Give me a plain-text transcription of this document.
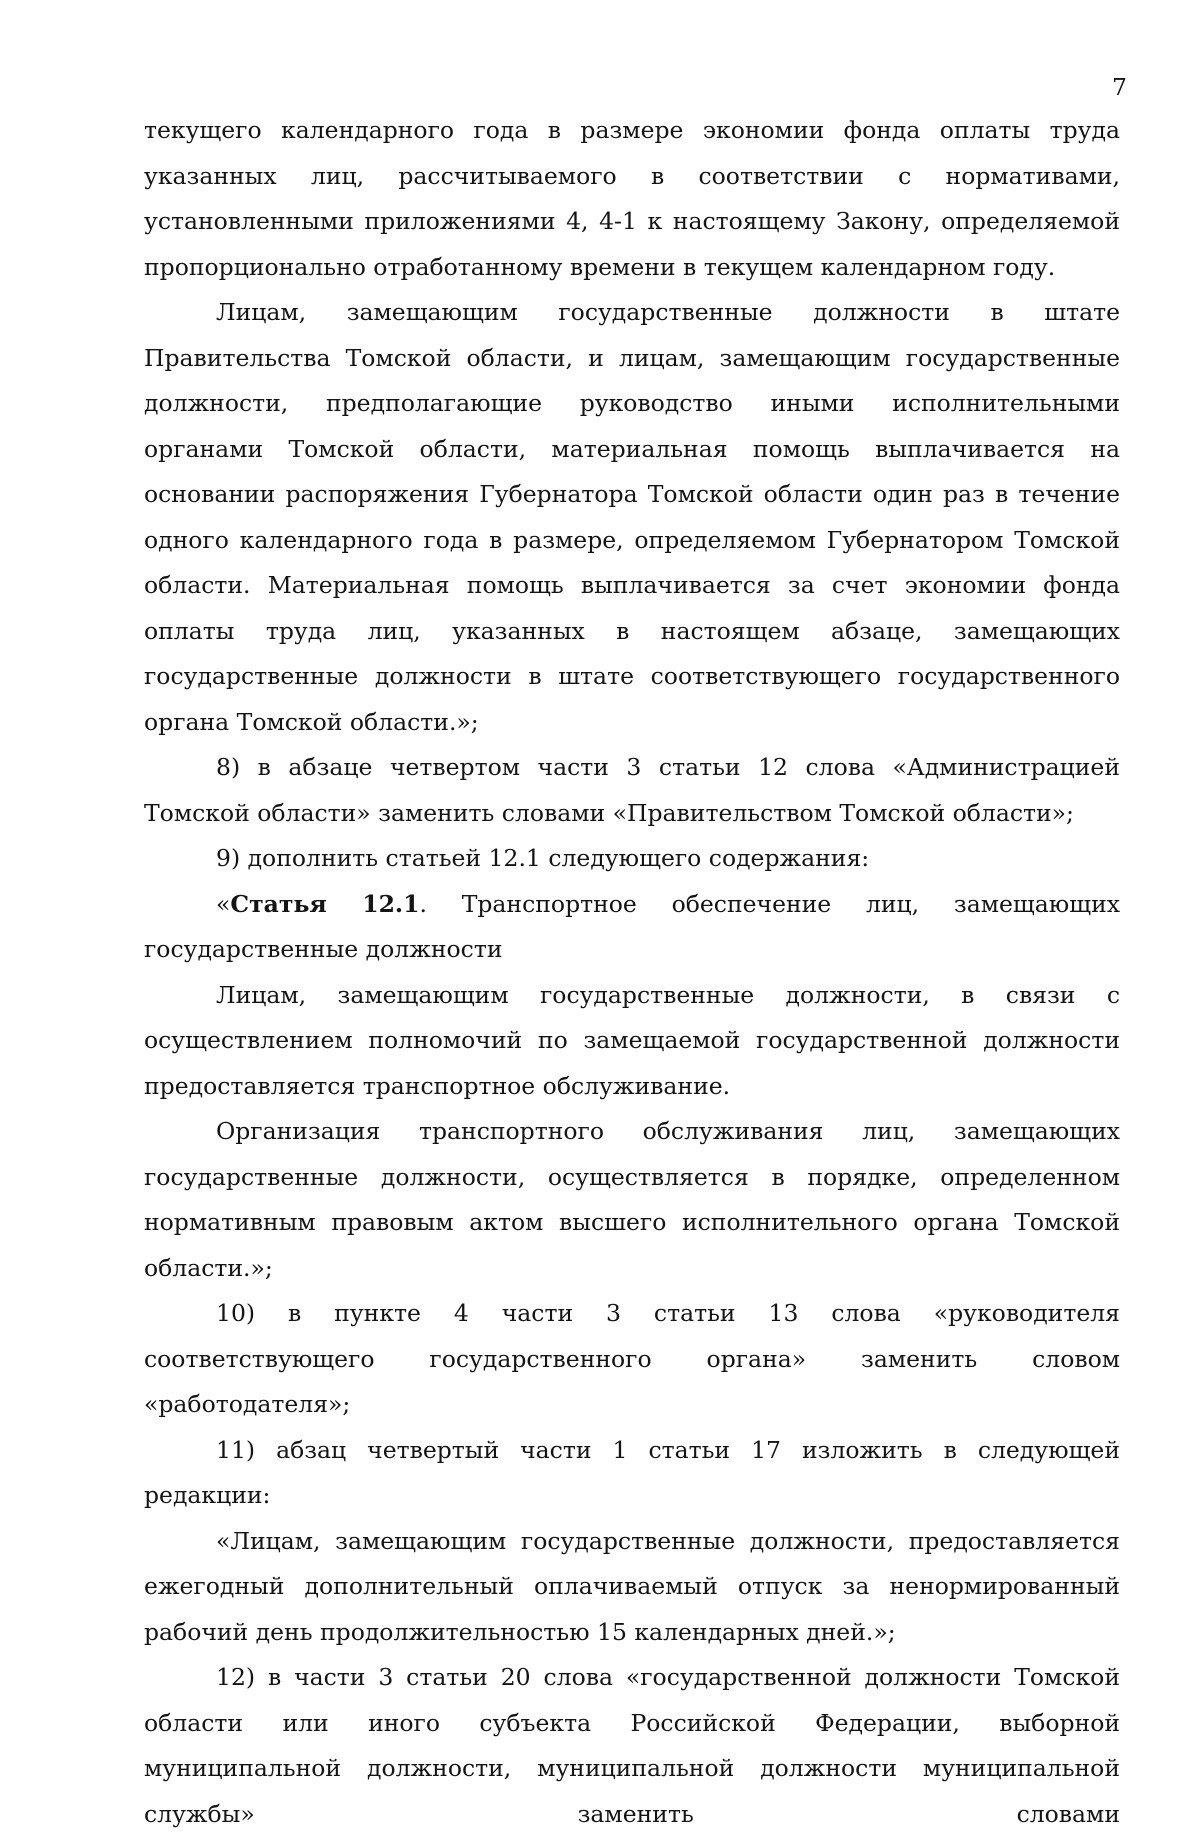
7

текущего календарного года в размере экономии фонда оплаты труда указанных лиц, рассчитываемого в соответствии с нормативами, установленными приложениями 4, 4-1 к настоящему Закону, определяемой пропорционально отработанному времени в текущем календарном году.

Лицам, замещающим государственные должности в штате Правительства Томской области, и лицам, замещающим государственные должности, предполагающие руководство иными исполнительными органами Томской области, материальная помощь выплачивается на основании распоряжения Губернатора Томской области один раз в течение одного календарного года в размере, определяемом Губернатором Томской области. Материальная помощь выплачивается за счет экономии фонда оплаты труда лиц, указанных в настоящем абзаце, замещающих государственные должности в штате соответствующего государственного органа Томской области.»;

8) в абзаце четвертом части 3 статьи 12 слова «Администрацией Томской области» заменить словами «Правительством Томской области»;

9) дополнить статьей 12.1 следующего содержания:

«Статья 12.1. Транспортное обеспечение лиц, замещающих государственные должности

Лицам, замещающим государственные должности, в связи с осуществлением полномочий по замещаемой государственной должности предоставляется транспортное обслуживание.

Организация транспортного обслуживания лиц, замещающих государственные должности, осуществляется в порядке, определенном нормативным правовым актом высшего исполнительного органа Томской области.»;

10) в пункте 4 части 3 статьи 13 слова «руководителя соответствующего государственного органа» заменить словом «работодателя»;

11) абзац четвертый части 1 статьи 17 изложить в следующей редакции:

«Лицам, замещающим государственные должности, предоставляется ежегодный дополнительный оплачиваемый отпуск за ненормированный рабочий день продолжительностью 15 календарных дней.»;

12) в части 3 статьи 20 слова «государственной должности Томской области или иного субъекта Российской Федерации, выборной муниципальной должности, муниципальной должности муниципальной службы» заменить словами
